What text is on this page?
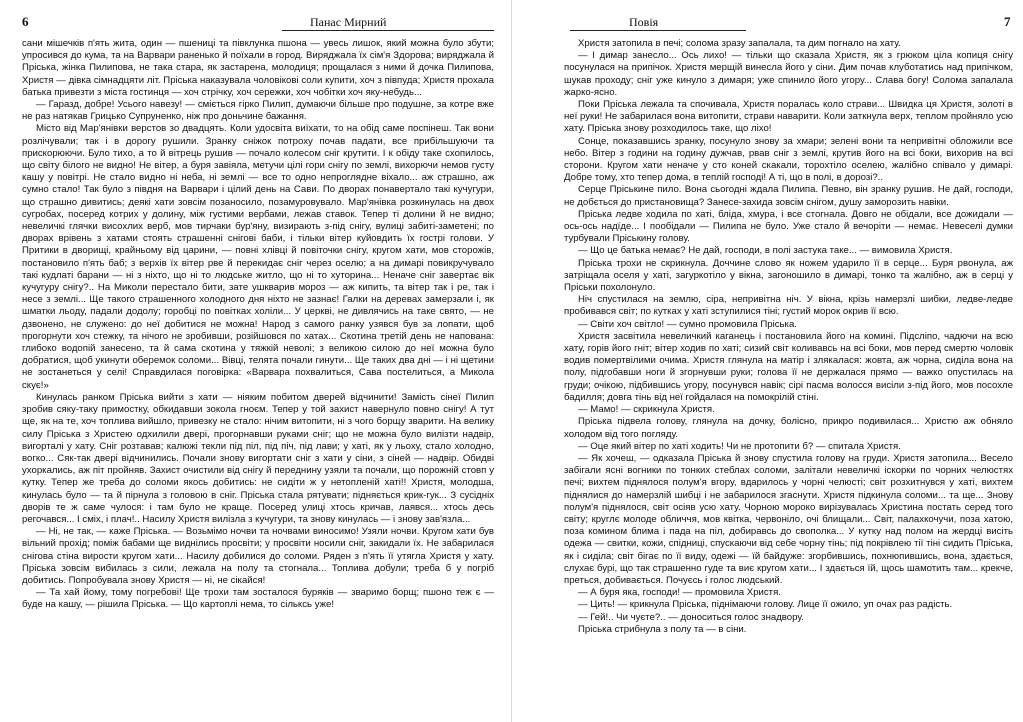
6	Панас Мирний

сани мішечків п'ять жита, один — пшениці та півклунка пшона — увесь лишок, який можна було збути; упросився до кума, та на Варвари раненько й поїхали в город. Виряджала їх сім'я Здорова; виряджала й Пріська, жінка Пилипова, не така стара, як застарена, молодиця; прощалася з ними й дочка Пилипова, Христя — дівка сімнадцяти літ. Пріська наказувала чоловікові соли купити, хоч з півпуда; Христя прохала батька привезти з міста гостинця — хоч стрічку, хоч сережки, хоч чобітки хоч яку-небудь...

— Гаразд, добре! Усього навезу! — сміється гірко Пилип, думаючи більше про подушне, за котре вже не раз натякав Грицько Супруненко, ніж про доньчине бажання.

Місто від Мар'янівки верстов зо двадцять. Коли удосвіта виїхати, то на обід саме поспінеш. Так вони розлічували; так і в дорогу рушили. Зранку сніжок потроху почав падати, все прибільшуючи та прискорюючи. Було тихо, а то й вітрець рушив — почало колесом сніг крутити. І к обіду таке схопилось, що світу білого не видно! Не вітер, а буря завіяла, метучи цілі гори снігу по землі, вихорючи немов густу кашу у повітрі. Не стало видно ні неба, ні землі — все то одно непроглядне віхало... аж страшно, аж сумно стало! Так було з півдня на Варвари і цілий день на Сави. По дворах понавертало такі кучугури, що страшно дивитись; деякі хати зовсім позаносило, позамуровувало. Мар'янівка розкинулась на двох сугробах, посеред котрих у долину, між густими вербами, лежав ставок. Тепер ті долини й не видно; невеличкі глячки висохлих верб, мов тирчаки бур'яну, визирають з-під снігу, вулиці забиті-заметені; по дворах врівень з хатами стоять страшенні снігові баби, і тільки вітер куйовдить їх гострі голови. У Притики в дворищі, крайньому від царини, — повні хлівці й повіточки снігу, кругом хати, мов сторожів, постановило п'ять баб; з верхів їх вітер рве й перекидає сніг через оселю; а на димарі повикручувало такі кудлаті барани — ні з ніхто, що ні то людське житло, що ні то хуторина... Неначе сніг завертає вік кучугуру снігу?.. На Миколи перестало бити, зате ушкварив мороз — аж кипить, та вітер так і ре, так і несе з землі... Ще такого страшенного холодного дня ніхто не зазнає! Галки на деревах замерзали і, як шматки льоду, падали додолу; горобці по повітках холіли... У церкві, не дивлячись на таке свято, — не дзвонено, не служено: до неї добитися не можна! Народ з самого ранку узявся був за лопати, щоб прогорнути хоч стежку, та нічого не зробивши, розійшовся по хатах... Скотина третій день не напована: глибоко водопій занесено, та й сама скотина у тяжкій неволі; з великою силою до неї можна було добратися, щоб укинути оберемок соломи... Вівці, телята почали гинути... Ще таких два дні — і ні щетини не зостанеться у селі! Справдилася поговірка: «Варвара похвалиться, Сава постелиться, а Микола скує!»

Кинулась ранком Пріська вийти з хати — ніяким побитом дверей відчинити! Замість сінеї Пилип зробив сяку-таку примостку, обкидавши зокола гноєм. Тепер у той захист навернуло повно снігу! А тут ще, як на те, хоч топлива вийшло, привезку не стало: нічим витопити, ні з чого борщу зварити. На велику силу Пріська з Христею одхилили двері, прогорнавши руками сніг; що не можна було вилізти надвір, вигорталі у хату. Сніг розтавав; калюжі текли під піл, під піч, під лави; у хаті, як у льоху, стало холодно, вогко... Сяк-так двері відчинились. Почали знову вигортати сніг з хати у сіни, з сіней — надвір. Обидві ухоркались, аж піт пройняв. Захист очистили від снігу й переднину узяли та почали, що порожній стовп у кутку. Тепер же треба до соломи якось добитись: не сидіти ж у нетопленій хаті!! Христя, молодша, кинулась було — та й пірнула з головою в сніг. Пріська стала рятувати; підняється крик-гук... З сусідніх дворів те ж саме чулося: і там було не краще. Посеред улиці хтось кричав, лаявся... хтось десь регочався... І сміх, і плач!.. Насилу Христя вилізла з кучугури, та знову кинулась — і знову зав'язла...

— Ні, не так, — каже Пріська. — Возьмімо ночви та ночвами виносимо! Узяли ночви. Кругом хати був вільний прохід; поміж бабами ще виднілись просвіти; у просвіти носили сніг, закидали їх. Не забарилася снігова стіна вирости кругом хати... Насилу добилися до соломи. Ряден з п'ять її утягла Христя у хату. Пріська зовсім вибилась з сили, лежала на полу та стогнала... Топлива добули; треба б у погріб добитись. Попробувала знову Христя — ні, не сікайся!

— Та хай йому, тому погребові! Ще трохи там зосталося буряків — зваримо борщ; пшоно теж є — буде на кашу, — рішила Пріська. — Що картоплі нема, то сільксь уже!

Повія	7

Христя затопила в печі; солома зразу запалала, та дим погнало на хату.

— І димар занесло... Ось лихо! — тільки що сказала Христя, як з грюком ціла копиця снігу посунулася на припічок. Христя мерщій винесла його у сіни. Дим почав клуботатись над припічком, шукав проходу; сніг уже кинуло з димаря; уже спинило його угору... Слава богу! Солома запалала жарко-ясно.

Поки Пріська лежала та спочивала, Христя поралась коло страви... Швидка ця Христя, золоті в неї руки! Не забарилася вона витопити, страви наварити. Коли заткнула верх, теплом пройняло усю хату. Пріська знову розходилось таке, що ліхо!

Сонце, показавшись зранку, посунуло знову за хмари; зелені вони та непривітні обложили все небо. Вітер з години на годину дужчав, рвав сніг з землі, крутив його на всі боки, вихорив на всі сторони. Кругом хати неначе у сто коней скакали, торохтіло оселею, жалібно співало у димарі. Добре тому, хто тепер дома, в теплій господі! А ті, що в полі, в дорозі?..

Серце Пріськине пило. Вона сьогодні ждала Пилипа. Певно, він зранку рушив. Не дай, господи, не добється до пристановища? Занесе-захида зовсім снігом, душу заморозить навіки.

Пріська ледве ходила по хаті, бліда, хмура, і все стогнала. Довго не обідали, все дожидали — ось-ось надїде... І пообідали — Пилипа не було. Уже стало й вечоріти — немає. Невеселі думки турбували Пріськину голову.

— Що це батька немає? Не дай, господи, в полі застука таке... — вимовила Христя.

Пріська трохи не скрикнула. Доччине слово як ножем ударило її в серце... Буря рвонула, аж затріщала оселя у хаті, загуркотіло у вікна, загоношило в димарі, тонко та жалібно, аж в серці у Пріськи похолонуло.

Ніч спустилася на землю, сіра, непривітна ніч. У вікна, крізь намерзлі шибки, ледве-ледве пробивався світ; по кутках у хаті зступилися тіні; густий морок окрив її всю.

— Світи хоч світло! — сумно промовила Пріська.

Христя засвітила невеличкий каганець і постановила його на комині. Підсліпо, чадючи на всю хату, горів його гніт; вітер ходив по хаті; сизий світ коливавсь на всі боки, мов перед смертю чоловік водив помертвілими очима. Христя глянула на матір і злякалася: жовта, аж чорна, сиділа вона на полу, підгобавши ноги й згорнувши руки; голова її не держалася прямо — важко опустилась на груди; очікою, підбившись угору, посунувся навік; сірі пасма волосся висіли з-під його, мов посохле бадилля; довга тінь від неї гойдалася на помокрілій стіні.

— Мамо! — скрикнула Христя.

Пріська підвела голову, глянула на дочку, болісно, прикро подивилася... Христю аж обняло холодом від того погляду.

— Оце який вітер по хаті ходить! Чи не протопити б? — спитала Христя.

— Як хочеш, — одказала Пріська й знову спустила голову на груди. Христя затопила... Весело забігали ясні вогники по тонких стеблах соломи, залітали невеличкі іскорки по чорних челюстях печі; вихтем піднялося полум'я вгору, вдарилось у чорні челюсті; світ розхитнувся у хаті, вихтем піднялися до намерзлій шибці і не забарилося згаснути. Христя підкинула соломи... та ще... Знову полум'я піднялося, світ осіяв усю хату. Чорною мороко вирізувалась Христина постать серед того світу; круглє молоде обличчя, мов квітка, червоніло, очі блищали... Світ, палахкочучи, поза хатою, поза комином блима і пада на піл, добиравсь до свополка... У кутку над полом на жердці висіть одежа — свитки, кожи, спідниці, спускаючи від себе чорну тінь; під покрівлею тії тіні сидить Пріська, як і сиділа; світ бігає по її виду, одежі — їй байдуже: згорбившись, похнюпившись, вона, здається, слухає бурі, що так страшенно гуде та виє кругом хати... І здається їй, щось шамотить там... крекче, преться, добивається. Почуєсь і голос людський.

— А буря яка, господи! — промовила Христя.

— Цить! — крикнула Пріська, піднімаючи голову. Лице її ожило, уп очах раз радість.

— Гей!.. Чи чуєте?.. — доноситься голос знадвору.

Пріська стрибнула з полу та — в сіни.
